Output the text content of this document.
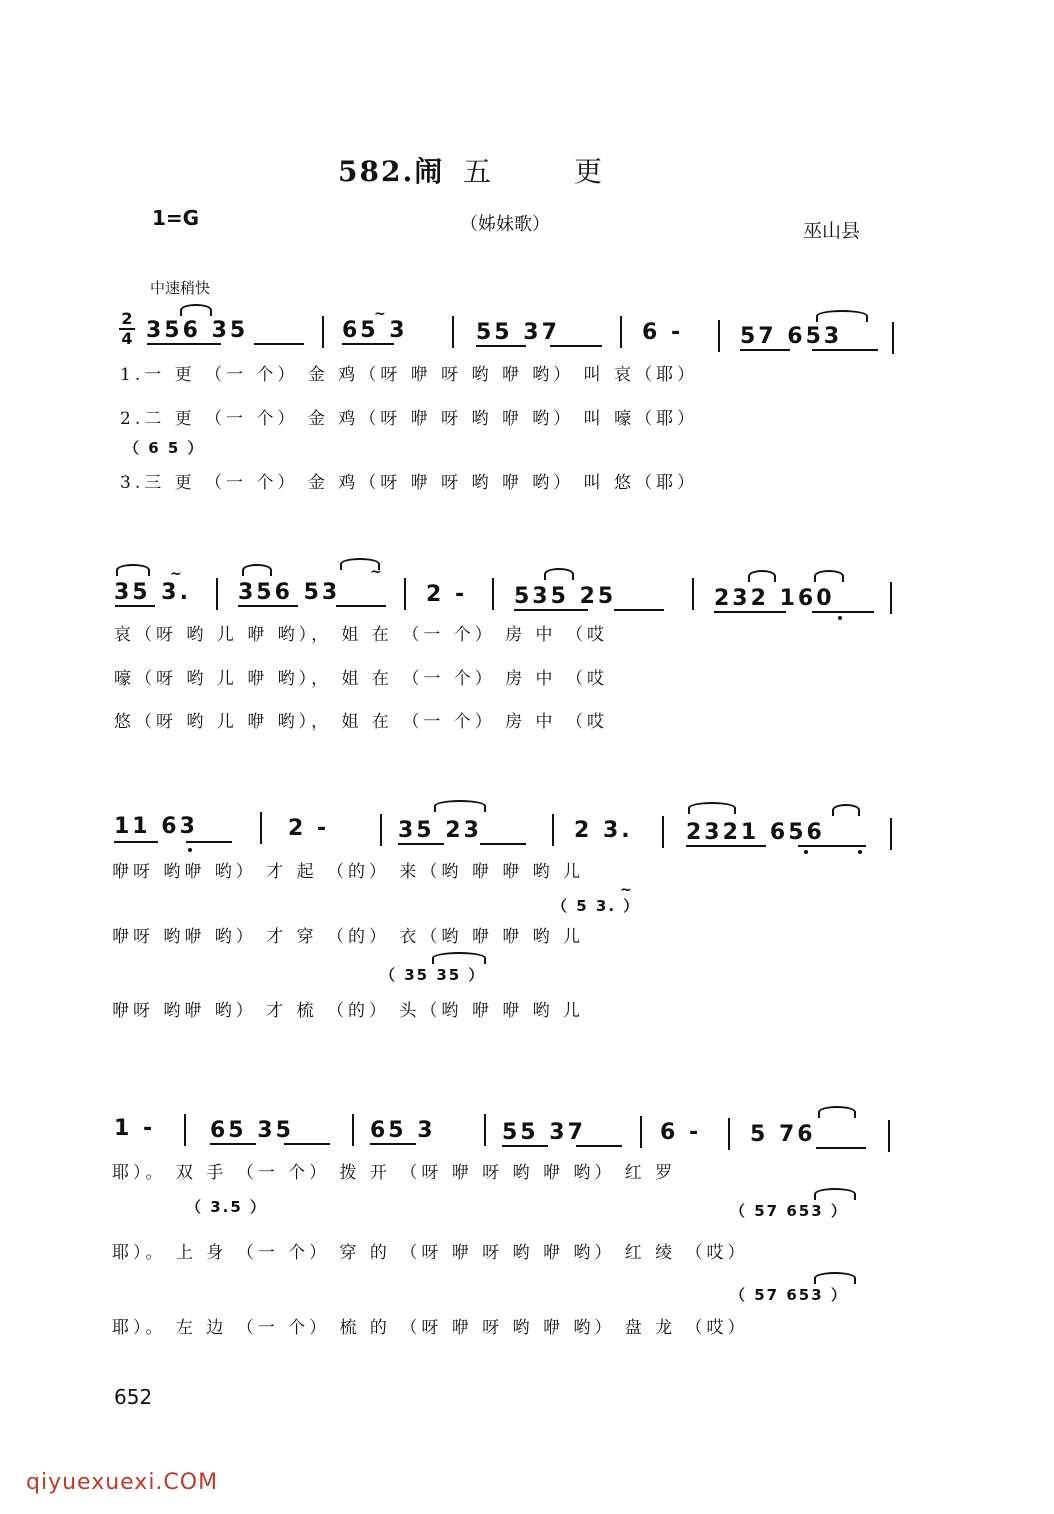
582.闹 五	更
1=G	（姊妹歌）	巫山县
中速稍快
2
4 356 35	65 3	55 37	6 -	57 653
~
1.一 更 （一 个） 金 鸡（呀 咿 呀 哟 咿 哟） 叫 哀（耶）
2.二 更 （一 个） 金 鸡（呀 咿 呀 哟 咿 哟） 叫 嚎（耶）
（ 6 5 ）
3.三 更 （一 个） 金 鸡（呀 咿 呀 哟 咿 哟） 叫 悠（耶）
35 3. 356 53	2 - 535 25	232 160
~	~
哀（呀 哟 儿 咿 哟）， 姐 在 （一 个） 房 中 （哎
嚎（呀 哟 儿 咿 哟）， 姐 在 （一 个） 房 中 （哎
悠（呀 哟 儿 咿 哟）， 姐 在 （一 个） 房 中 （哎
11 63	2 -	35 23	2 3. 2321 656
咿呀 哟咿 哟） 才 起 （的） 来（哟 咿 咿 哟 儿
（ 5 3. ）
~
咿呀 哟咿 哟） 才 穿 （的） 衣（哟 咿 咿 哟 儿
（ 35 35 ）
咿呀 哟咿 哟） 才 梳 （的） 头（哟 咿 咿 哟 儿
1 - 65 35	65 3	55 37	6 - 5 76
耶）。 双 手 （一 个） 拨 开 （呀 咿 呀 哟 咿 哟） 红 罗
（ 3.5 ）	（ 57 653 ）
耶）。 上 身 （一 个） 穿 的 （呀 咿 呀 哟 咿 哟） 红 绫 （哎）
（ 57 653 ）
耶）。 左 边 （一 个） 梳 的 （呀 咿 呀 哟 咿 哟） 盘 龙 （哎）
652
qiyuexuexi.COM
